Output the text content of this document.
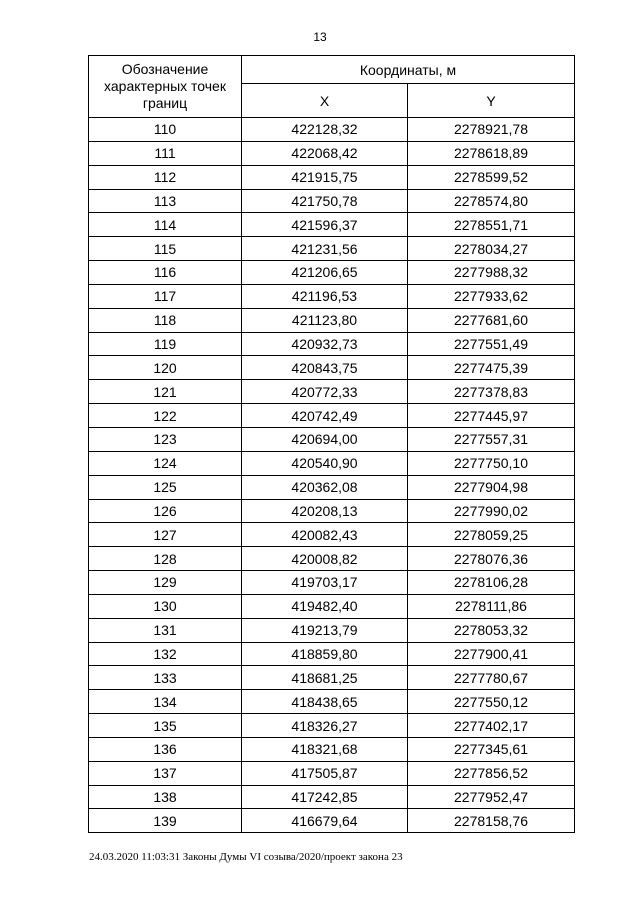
13
Обозначение характерных точек границ	Координаты, м	
	X	Y
110	422128,32	2278921,78
111	422068,42	2278618,89
112	421915,75	2278599,52
113	421750,78	2278574,80
114	421596,37	2278551,71
115	421231,56	2278034,27
116	421206,65	2277988,32
117	421196,53	2277933,62
118	421123,80	2277681,60
119	420932,73	2277551,49
120	420843,75	2277475,39
121	420772,33	2277378,83
122	420742,49	2277445,97
123	420694,00	2277557,31
124	420540,90	2277750,10
125	420362,08	2277904,98
126	420208,13	2277990,02
127	420082,43	2278059,25
128	420008,82	2278076,36
129	419703,17	2278106,28
130	419482,40	2278111,86
131	419213,79	2278053,32
132	418859,80	2277900,41
133	418681,25	2277780,67
134	418438,65	2277550,12
135	418326,27	2277402,17
136	418321,68	2277345,61
137	417505,87	2277856,52
138	417242,85	2277952,47
139	416679,64	2278158,76
24.03.2020 11:03:31 Законы Думы VI созыва/2020/проект закона 23
